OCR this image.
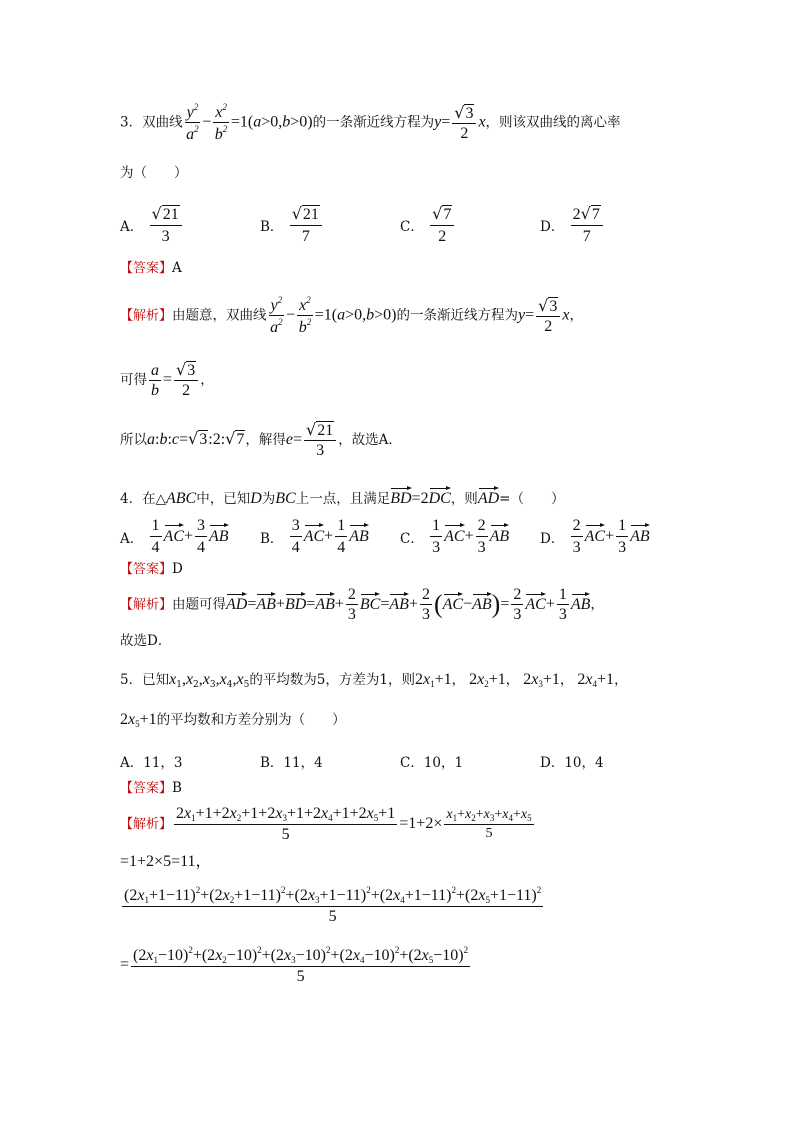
3．双曲线 $\frac{y^2}{a^2} - \frac{x^2}{b^2} =1(a>0,b>0)$的一条渐近线方程为$y= \frac{√3}{2}$ x，则该双曲线的离心率
为（　　）
A． $\frac{√21}{3}$	B． $\frac{√21}{7}$	C． $\frac{√7}{2}$	D． $\frac{2√7}{7}$
【答案】A
【解析】由题意，双曲线 $\frac{y^2}{a^2} - \frac{x^2}{b^2} =1(a>0,b>0)$的一条渐近线方程为$y= \frac{√3}{2}$ x，
可得 $\frac{a}{b} = \frac{√3}{2}$ ，
所以a:b:c=√3:2:√7，解得$e= \frac{√21}{3}$ ，故选A．
4．在△ABC中，已知D为BC上一点，且满足
BD=2
DC，则
AD=（　　）
A． $\frac{1}{4} AC+ \frac{3}{4}$ AB B． $\frac{3}{4} AC+ \frac{1}{4}$ AB C． $\frac{1}{3} AC+ \frac{2}{3}$ AB D． $\frac{2}{3} AC+ \frac{1}{3}$ AB
【答案】D
【解析】由题可得
AD=
AB+
BD=
$AB+ \frac{2}{3} BC=$
$AB+ \frac{2}{3}$ (
AC−
$AB)= \frac{2}{3} AC+ \frac{1}{3}$ AB，
故选D．
5．已知$x_1,x_2,x_3,x_4,x_5$的平均数为5，方差为1，则$2x_1+1$， $2x_2+1$， $2x_3+1$， $2x_4+1$，
$2x_5+1$的平均数和方差分别为（　　）
A．11，3	B．11，4	C．10，1	D．10，4
【答案】B
【解析】 $\frac{2x_1+1+2x_2+1+2x_3+1+2x_4+1+2x_5+1}{5} =1+2\times \frac{x_1+x_2+x_3+x_4+x_5}{5}$
=1+2×5=11，
$\frac{(2x_1+1-11)^2+(2x_2+1-11)^2+(2x_3+1-11)^2+(2x_4+1-11)^2+(2x_5+1-11)^2}{5}$
= $\frac{(2x_1-10)^2+(2x_2-10)^2+(2x_3-10)^2+(2x_4-10)^2+(2x_5-10)^2}{5}$
